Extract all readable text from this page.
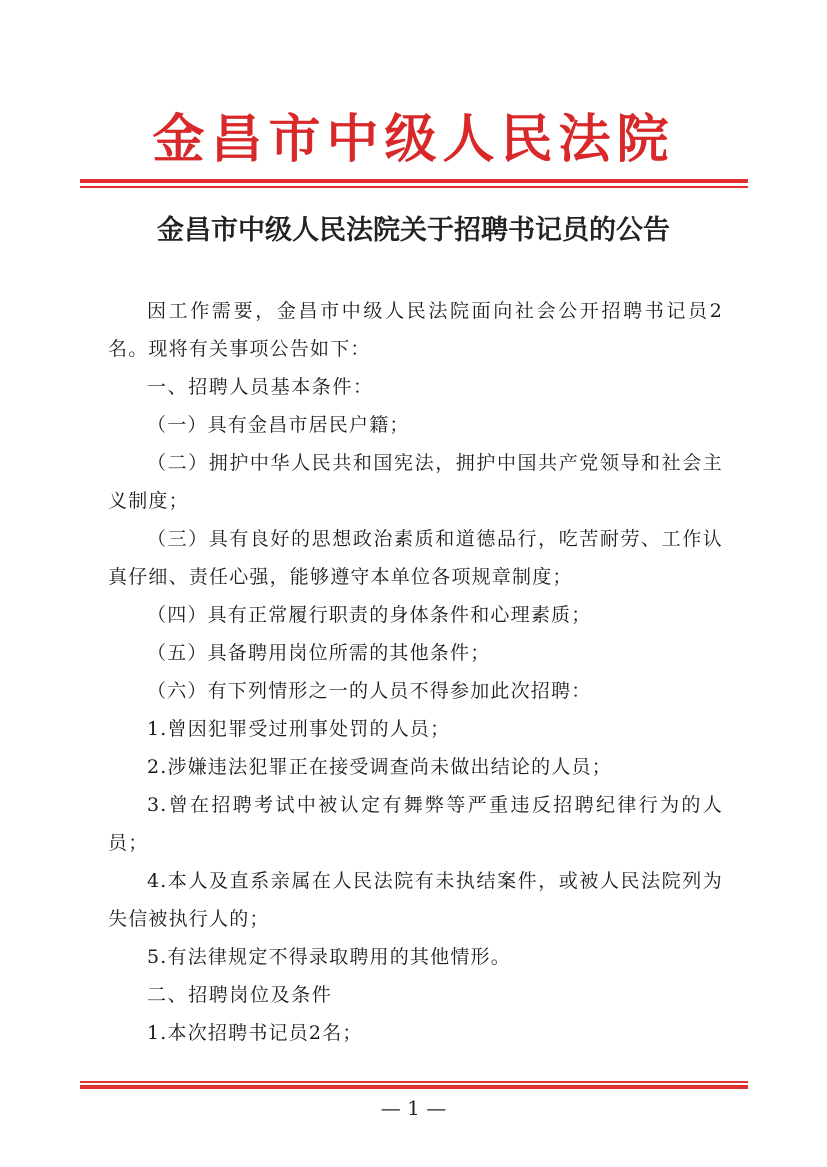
金昌市中级人民法院
金昌市中级人民法院关于招聘书记员的公告

因工作需要，金昌市中级人民法院面向社会公开招聘书记员2名。现将有关事项公告如下：

一、招聘人员基本条件：

（一）具有金昌市居民户籍；

（二）拥护中华人民共和国宪法，拥护中国共产党领导和社会主义制度；

（三）具有良好的思想政治素质和道德品行，吃苦耐劳、工作认真仔细、责任心强，能够遵守本单位各项规章制度；

（四）具有正常履行职责的身体条件和心理素质；

（五）具备聘用岗位所需的其他条件；

（六）有下列情形之一的人员不得参加此次招聘：

1.曾因犯罪受过刑事处罚的人员；

2.涉嫌违法犯罪正在接受调查尚未做出结论的人员；

3.曾在招聘考试中被认定有舞弊等严重违反招聘纪律行为的人员；

4.本人及直系亲属在人民法院有未执结案件，或被人民法院列为失信被执行人的；

5.有法律规定不得录取聘用的其他情形。

二、招聘岗位及条件

1.本次招聘书记员2名；

— 1 —
